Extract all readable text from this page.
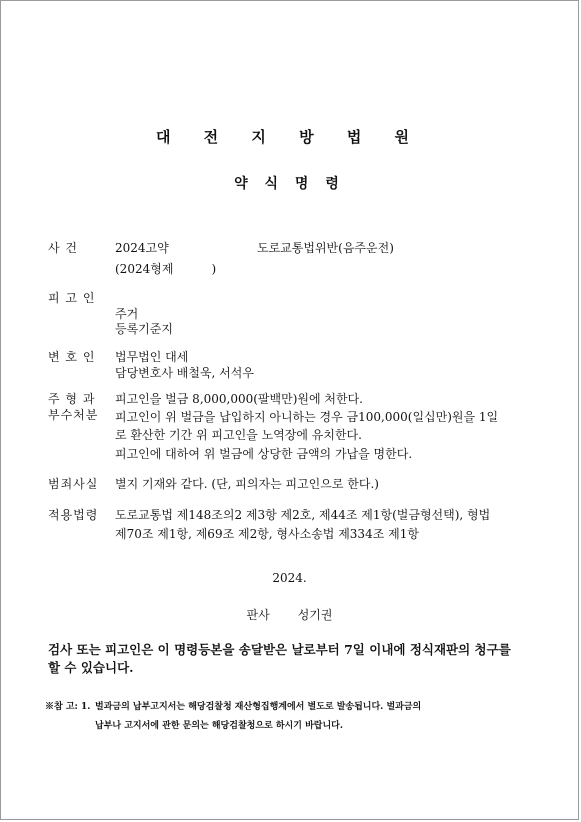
대 전 지 방 법 원
약 식 명 령
사 건	2024고약	도로교통법위반(음주운전)
(2024형제          )
피 고 인
주거
등록기준지
변 호 인 법무법인 대세
담당변호사 배철욱, 서석우
주 형 과
부수처분
피고인을 벌금 8,000,000(팔백만)원에 처한다.
피고인이 위 벌금을 납입하지 아니하는 경우 금100,000(일십만)원을 1일
로 환산한 기간 위 피고인을 노역장에 유치한다.
피고인에 대하여 위 벌금에 상당한 금액의 가납을 명한다.
범죄사실 별지 기재와 같다. (단, 피의자는 피고인으로 한다.)
적용법령 도로교통법 제148조의2 제3항 제2호, 제44조 제1항(벌금형선택), 형법
제70조 제1항, 제69조 제2항, 형사소송법 제334조 제1항
2024.
판사 성기권
검사 또는 피고인은 이 명령등본을 송달받은 날로부터 7일 이내에 정식재판의 청구를
할 수 있습니다.
※참 고: 1. 벌과금의 납부고지서는 해당검찰청 재산형집행계에서 별도로 발송됩니다. 벌과금의
납부나 고지서에 관한 문의는 해당검찰청으로 하시기 바랍니다.
